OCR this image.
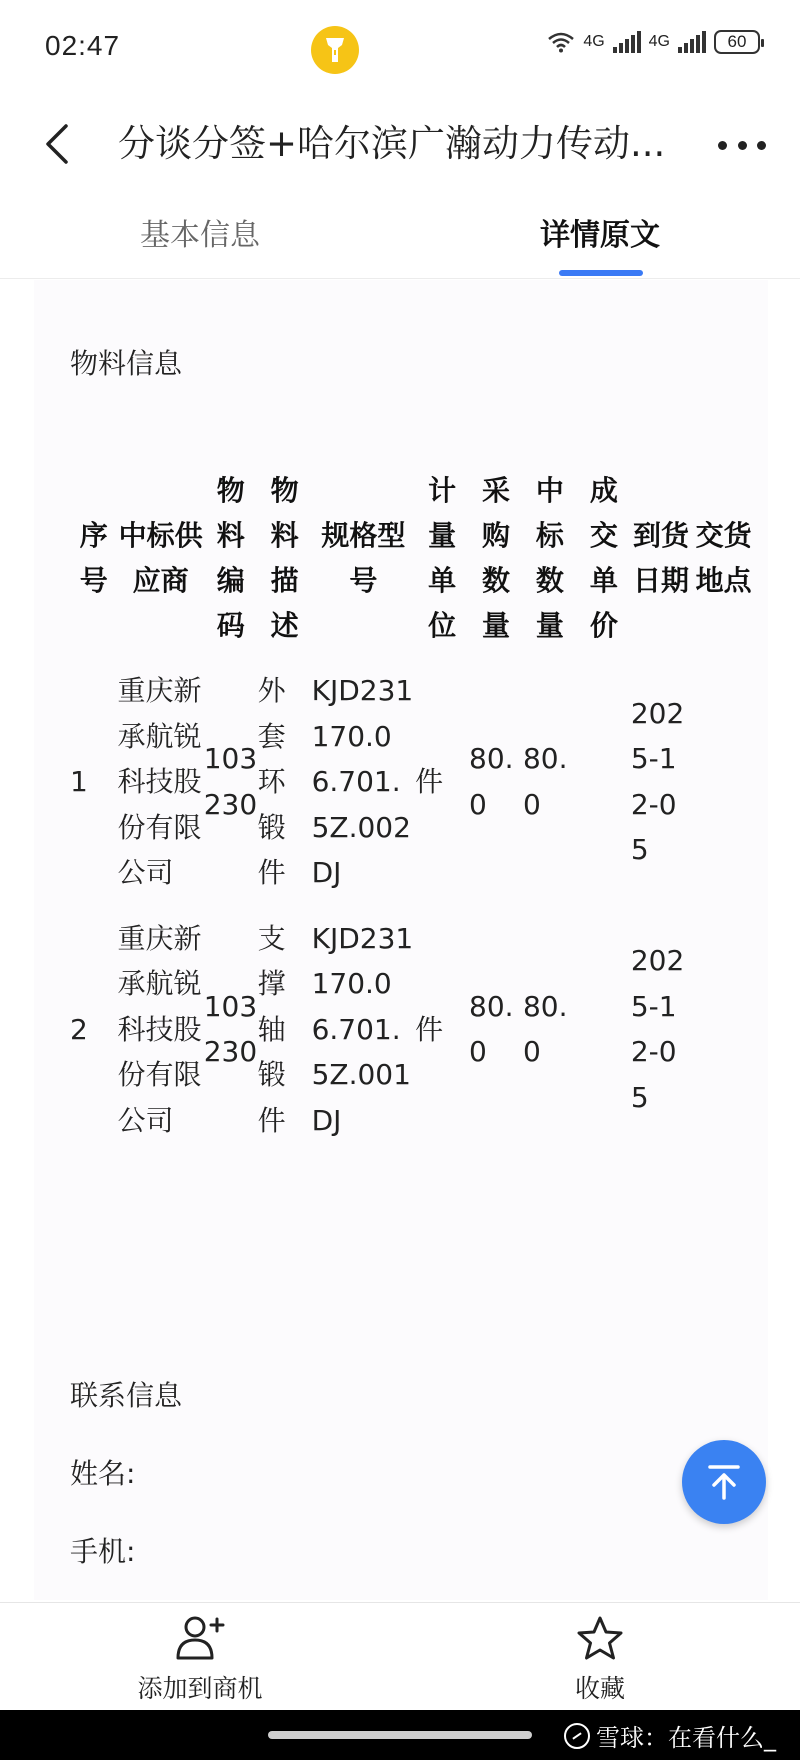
02:47	4G	4G	60
分谈分签+哈尔滨广瀚动力传动...
基本信息	详情原文
物料信息
序号	中标供应商	物料编码	物料描述	规格型号	计量单位	采购数量	中标数量	成交单价	到货日期	交货地点
1	重庆新承航锐科技股份有限公司	103230	外套环锻件	KJD231170.06.701.5Z.002DJ	件	80.0	80.0		2025-12-05	
2	重庆新承航锐科技股份有限公司	103230	支撑轴锻件	KJD231170.06.701.5Z.001DJ	件	80.0	80.0		2025-12-05	
联系信息
姓名:
手机:
添加到商机	收藏
雪球：在看什么_
